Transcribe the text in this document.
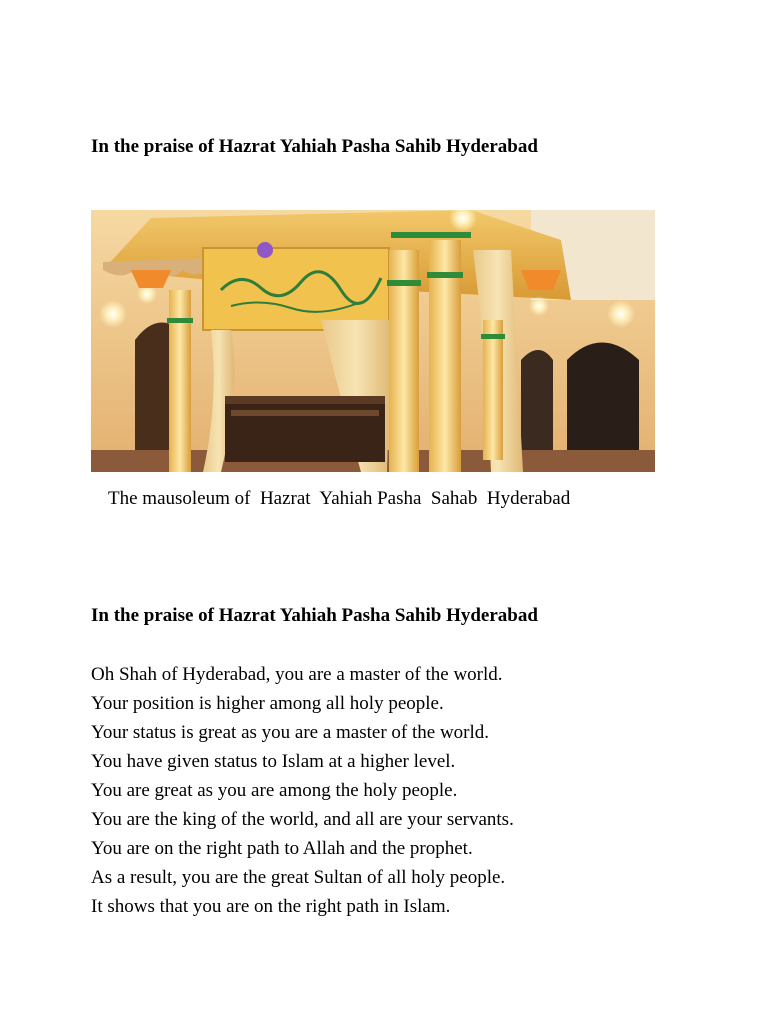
In the praise of Hazrat Yahiah Pasha Sahib Hyderabad
The mausoleum of  Hazrat  Yahiah Pasha  Sahab  Hyderabad
In the praise of Hazrat Yahiah Pasha Sahib Hyderabad
Oh Shah of Hyderabad, you are a master of the world.
Your position is higher among all holy people.
Your status is great as you are a master of the world.
You have given status to Islam at a higher level.
You are great as you are among the holy people.
You are the king of the world, and all are your servants.
You are on the right path to Allah and the prophet.
As a result, you are the great Sultan of all holy people.
It shows that you are on the right path in Islam.
